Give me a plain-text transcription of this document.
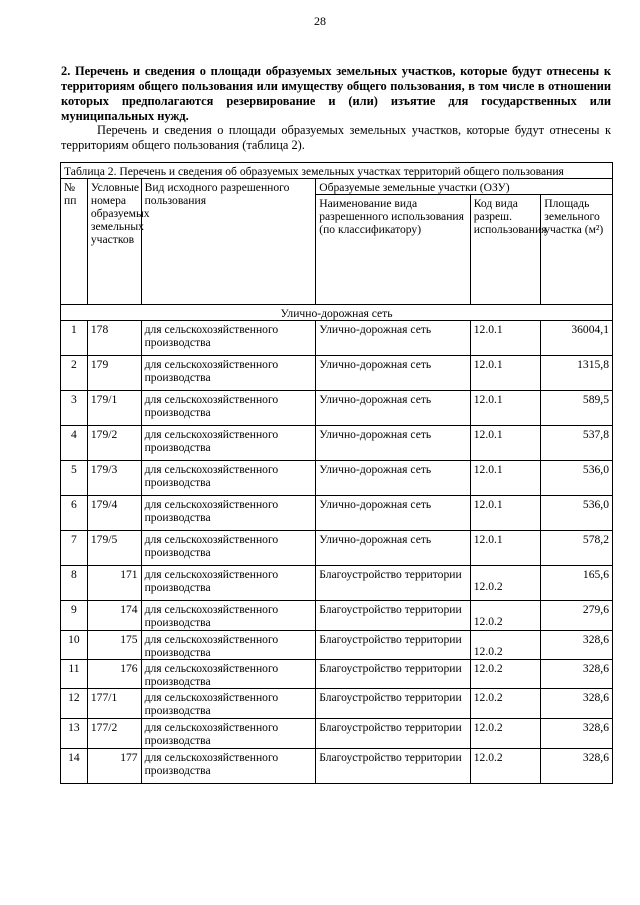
28

2. Перечень и сведения о площади образуемых земельных участков, которые будут отнесены к территориям общего пользования или имуществу общего пользования, в том числе в отношении которых предполагаются резервирование и (или) изъятие для государственных или муниципальных нужд.

Перечень и сведения о площади образуемых земельных участков, которые будут отнесены к территориям общего пользования (таблица 2).

Таблица 2. Перечень и сведения об образуемых земельных участках территорий общего пользования					
№ пп	Условные номера образуемых земельных участков	Вид исходного разрешенного пользования	Образуемые земельные участки (ОЗУ)		
			Наименование вида разрешенного использования (по классификатору)	Код вида разреш. использования	Площадь земельного участка (м²)
Улично-дорожная сеть					
1	178	для сельскохозяйственного производства	Улично-дорожная сеть	12.0.1	36004,1
2	179	для сельскохозяйственного производства	Улично-дорожная сеть	12.0.1	1315,8
3	179/1	для сельскохозяйственного производства	Улично-дорожная сеть	12.0.1	589,5
4	179/2	для сельскохозяйственного производства	Улично-дорожная сеть	12.0.1	537,8
5	179/3	для сельскохозяйственного производства	Улично-дорожная сеть	12.0.1	536,0
6	179/4	для сельскохозяйственного производства	Улично-дорожная сеть	12.0.1	536,0
7	179/5	для сельскохозяйственного производства	Улично-дорожная сеть	12.0.1	578,2
8	171	для сельскохозяйственного производства	Благоустройство территории	12.0.2	165,6
9	174	для сельскохозяйственного производства	Благоустройство территории	12.0.2	279,6
10	175	для сельскохозяйственного производства	Благоустройство территории	12.0.2	328,6
11	176	для сельскохозяйственного производства	Благоустройство территории	12.0.2	328,6
12	177/1	для сельскохозяйственного производства	Благоустройство территории	12.0.2	328,6
13	177/2	для сельскохозяйственного производства	Благоустройство территории	12.0.2	328,6
14	177	для сельскохозяйственного производства	Благоустройство территории	12.0.2	328,6
